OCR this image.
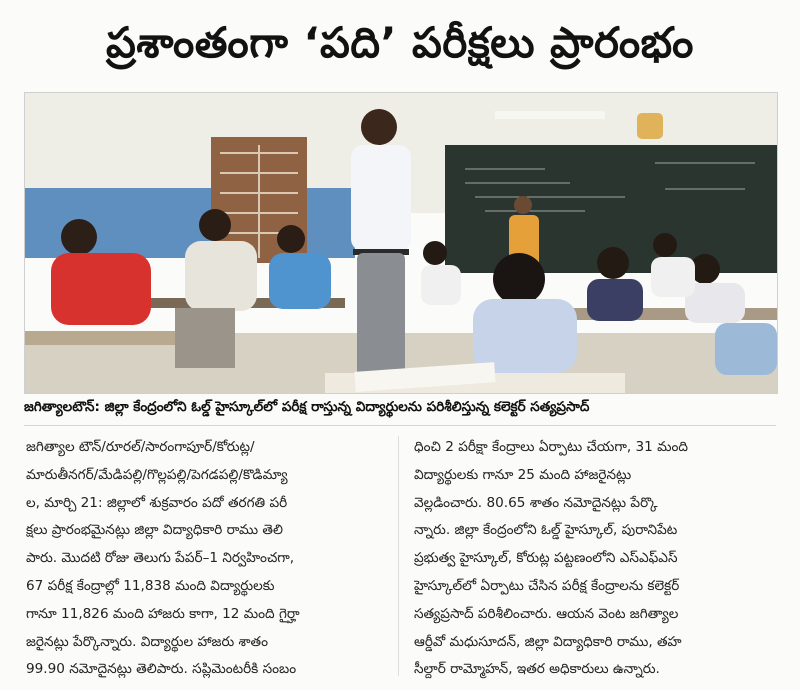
ప్రశాంతంగా ‘పది’ పరీక్షలు ప్రారంభం
జగిత్యాలటౌన్: జిల్లా కేంద్రంలోని ఓల్డ్ హైస్కూల్‌లో పరీక్ష రాస్తున్న విద్యార్థులను పరిశీలిస్తున్న కలెక్టర్ సత్యప్రసాద్
జగిత్యాల టౌన్/రూరల్/సారంగాపూర్/కోరుట్ల/
మారుతీనగర్/మేడిపల్లి/గొల్లపల్లి/పెగడపల్లి/కొడిమ్యా
ల, మార్చి 21: జిల్లాలో శుక్రవారం పదో తరగతి పరీ
క్షలు ప్రారంభమైనట్లు జిల్లా విద్యాధికారి రాము తెలి
పారు. మొదటి రోజు తెలుగు పేపర్–1 నిర్వహించగా,
67 పరీక్ష కేంద్రాల్లో 11,838 మంది విద్యార్థులకు
గానూ 11,826 మంది హాజరు కాగా, 12 మంది గైర్హా
జరైనట్లు పేర్కొన్నారు. విద్యార్థుల హాజరు శాతం
99.90 నమోదైనట్లు తెలిపారు. సప్లిమెంటరీకి సంబం
ధించి 2 పరీక్షా కేంద్రాలు ఏర్పాటు చేయగా, 31 మంది
విద్యార్థులకు గానూ 25 మంది హాజరైనట్లు
వెల్లడించారు. 80.65 శాతం నమోదైనట్లు పేర్కొ
న్నారు. జిల్లా కేంద్రంలోని ఓల్డ్ హైస్కూల్, పురానిపేట
ప్రభుత్వ హైస్కూల్, కోరుట్ల పట్టణంలోని ఎస్ఎఫ్ఎస్
హైస్కూల్‌లో ఏర్పాటు చేసిన పరీక్ష కేంద్రాలను కలెక్టర్
సత్యప్రసాద్ పరిశీలించారు. ఆయన వెంట జగిత్యాల
ఆర్డీవో మధుసూదన్, జిల్లా విద్యాధికారి రాము, తహ
సీల్దార్ రామ్మోహన్, ఇతర అధికారులు ఉన్నారు.
